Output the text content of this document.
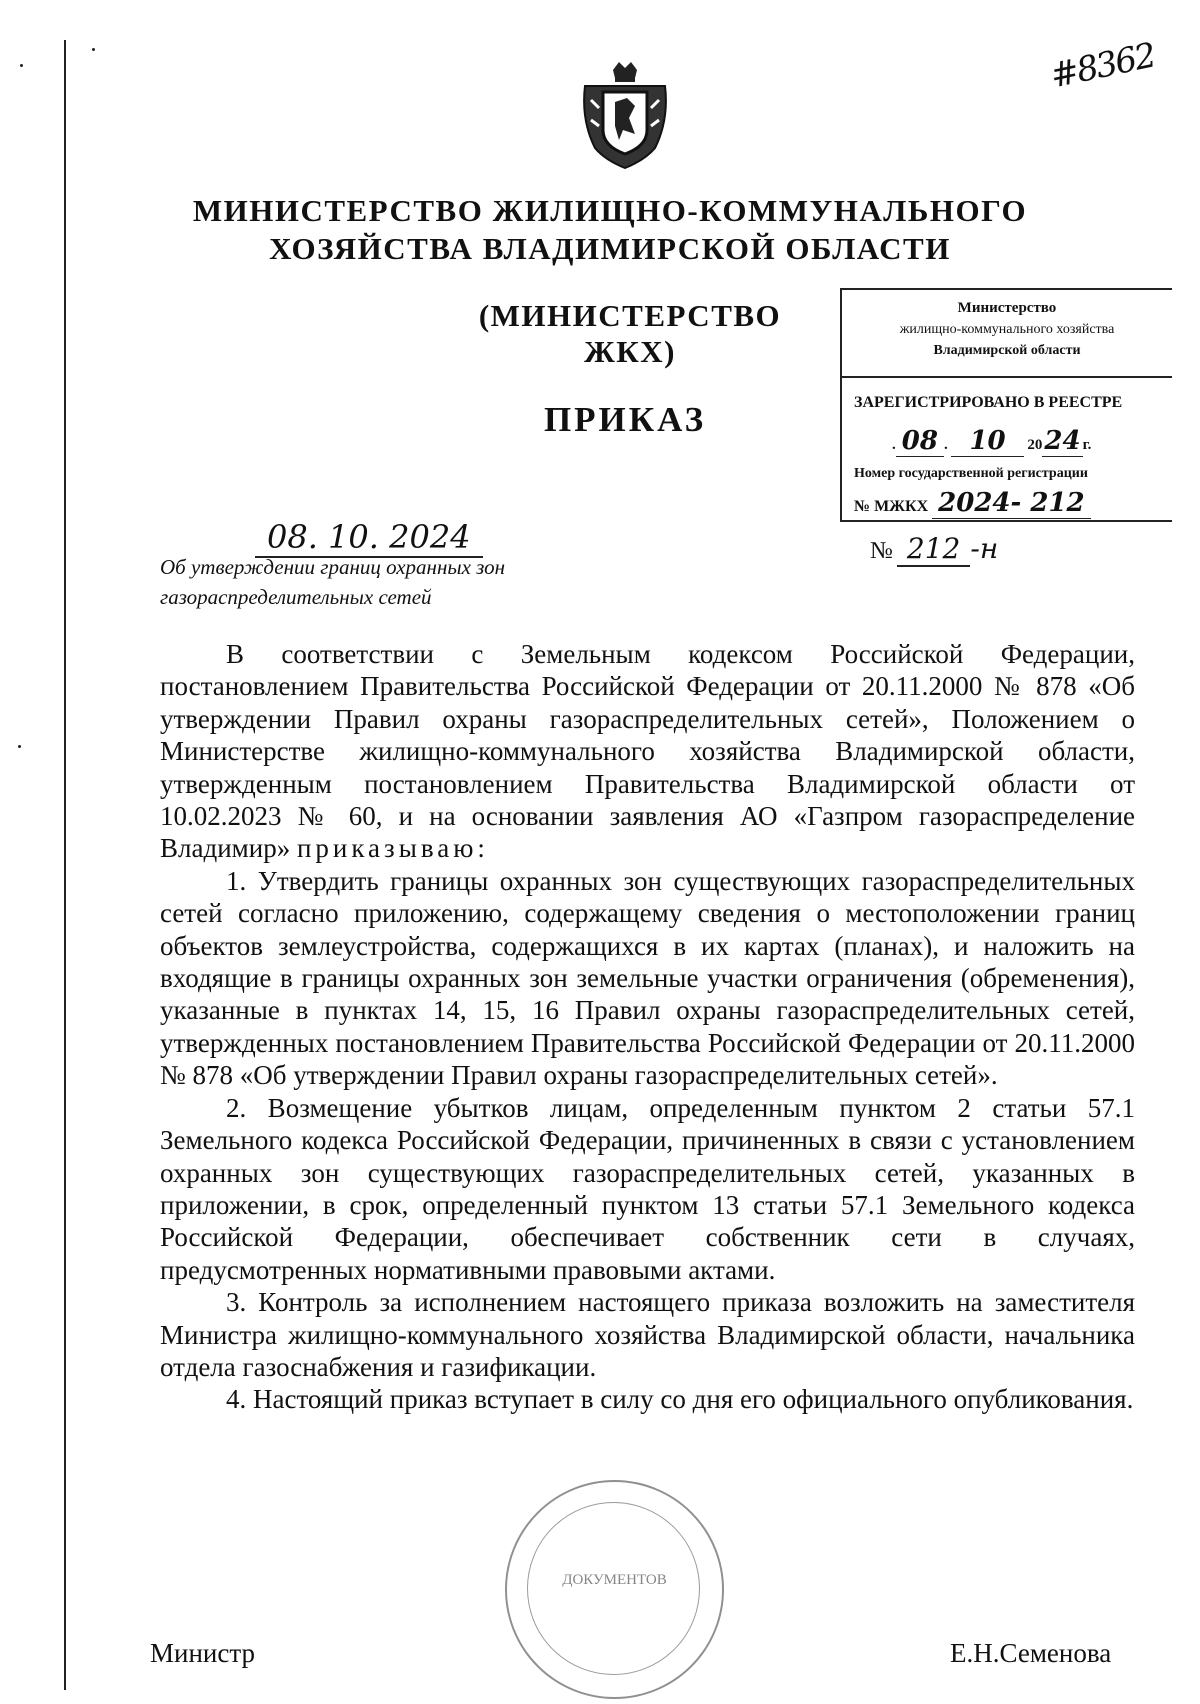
#8362
МИНИСТЕРСТВО ЖИЛИЩНО-КОММУНАЛЬНОГО
ХОЗЯЙСТВА ВЛАДИМИРСКОЙ ОБЛАСТИ
(МИНИСТЕРСТВО ЖКХ)
ПРИКАЗ
Министерство
жилищно-коммунального хозяйства
Владимирской области
ЗАРЕГИСТРИРОВАНО В РЕЕСТРЕ
. 08 . 10 2024 г.
Номер государственной регистрации
№ МЖКХ 2024- 212
08. 10. 2024	№ 212 -н
Об утверждении границ охранных зон
газораспределительных сетей

В соответствии с Земельным кодексом Российской Федерации, постановлением Правительства Российской Федерации от 20.11.2000 № 878 «Об утверждении Правил охраны газораспределительных сетей», Положением о Министерстве жилищно-коммунального хозяйства Владимирской области, утвержденным постановлением Правительства Владимирской области от 10.02.2023 № 60, и на основании заявления АО «Газпром газораспределение Владимир» приказываю:

1. Утвердить границы охранных зон существующих газораспределительных сетей согласно приложению, содержащему сведения о местоположении границ объектов землеустройства, содержащихся в их картах (планах), и наложить на входящие в границы охранных зон земельные участки ограничения (обременения), указанные в пунктах 14, 15, 16 Правил охраны газораспределительных сетей, утвержденных постановлением Правительства Российской Федерации от 20.11.2000 № 878 «Об утверждении Правил охраны газораспределительных сетей».

2. Возмещение убытков лицам, определенным пунктом 2 статьи 57.1 Земельного кодекса Российской Федерации, причиненных в связи с установлением охранных зон существующих газораспределительных сетей, указанных в приложении, в срок, определенный пунктом 13 статьи 57.1 Земельного кодекса Российской Федерации, обеспечивает собственник сети в случаях, предусмотренных нормативными правовыми актами.

3. Контроль за исполнением настоящего приказа возложить на заместителя Министра жилищно-коммунального хозяйства Владимирской области, начальника отдела газоснабжения и газификации.

4. Настоящий приказ вступает в силу со дня его официального опубликования.

ДОКУМЕНТОВ
Министр	Е.Н.Семенова
